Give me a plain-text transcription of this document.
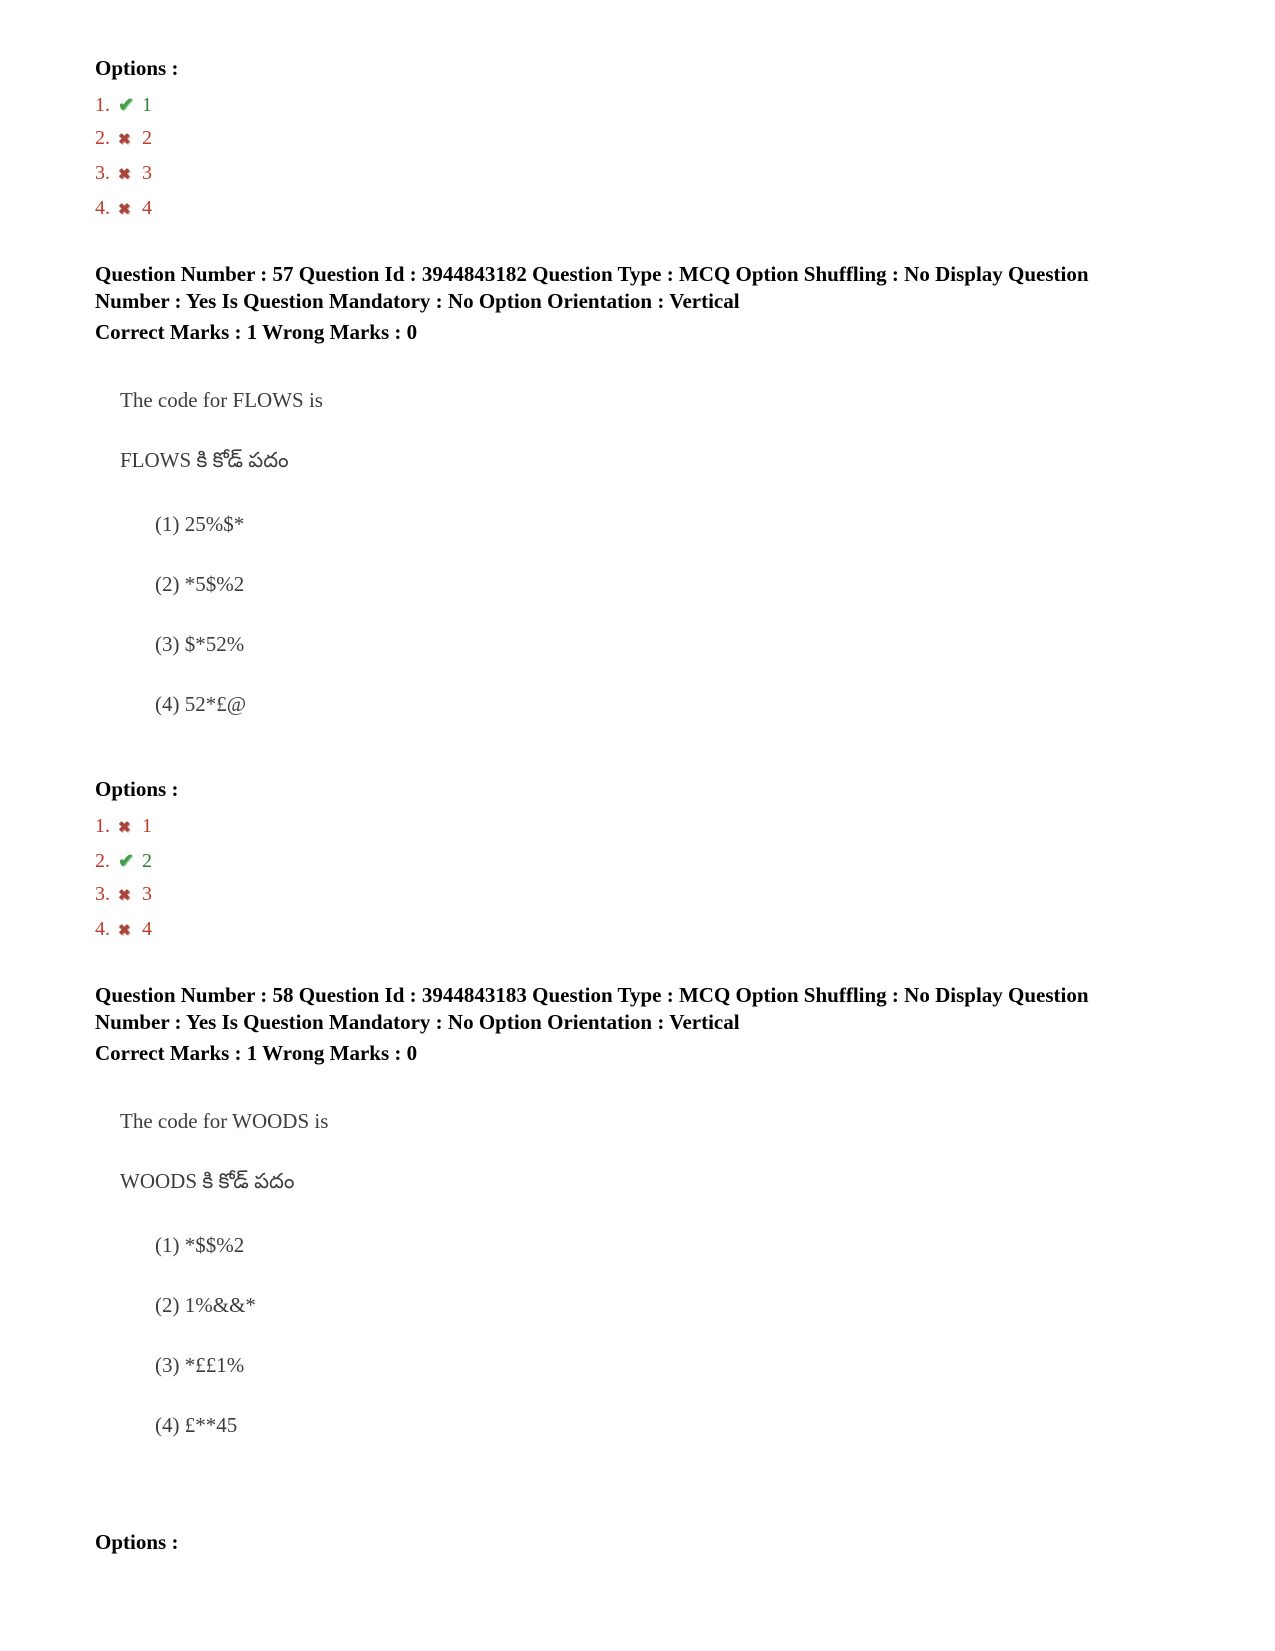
Options :
1. ✔ 1
2. ✖ 2
3. ✖ 3
4. ✖ 4
Question Number : 57 Question Id : 3944843182 Question Type : MCQ Option Shuffling : No Display Question
Number : Yes Is Question Mandatory : No Option Orientation : Vertical
Correct Marks : 1 Wrong Marks : 0
The code for FLOWS is
FLOWS కి కోడ్ పదం
(1) 25%$*
(2) *5$%2
(3) $*52%
(4) 52*£@
Options :
1. ✖ 1
2. ✔ 2
3. ✖ 3
4. ✖ 4
Question Number : 58 Question Id : 3944843183 Question Type : MCQ Option Shuffling : No Display Question
Number : Yes Is Question Mandatory : No Option Orientation : Vertical
Correct Marks : 1 Wrong Marks : 0
The code for WOODS is
WOODS కి కోడ్ పదం
(1) *$$%2
(2) 1%&&*
(3) *££1%
(4) £**45
Options :
